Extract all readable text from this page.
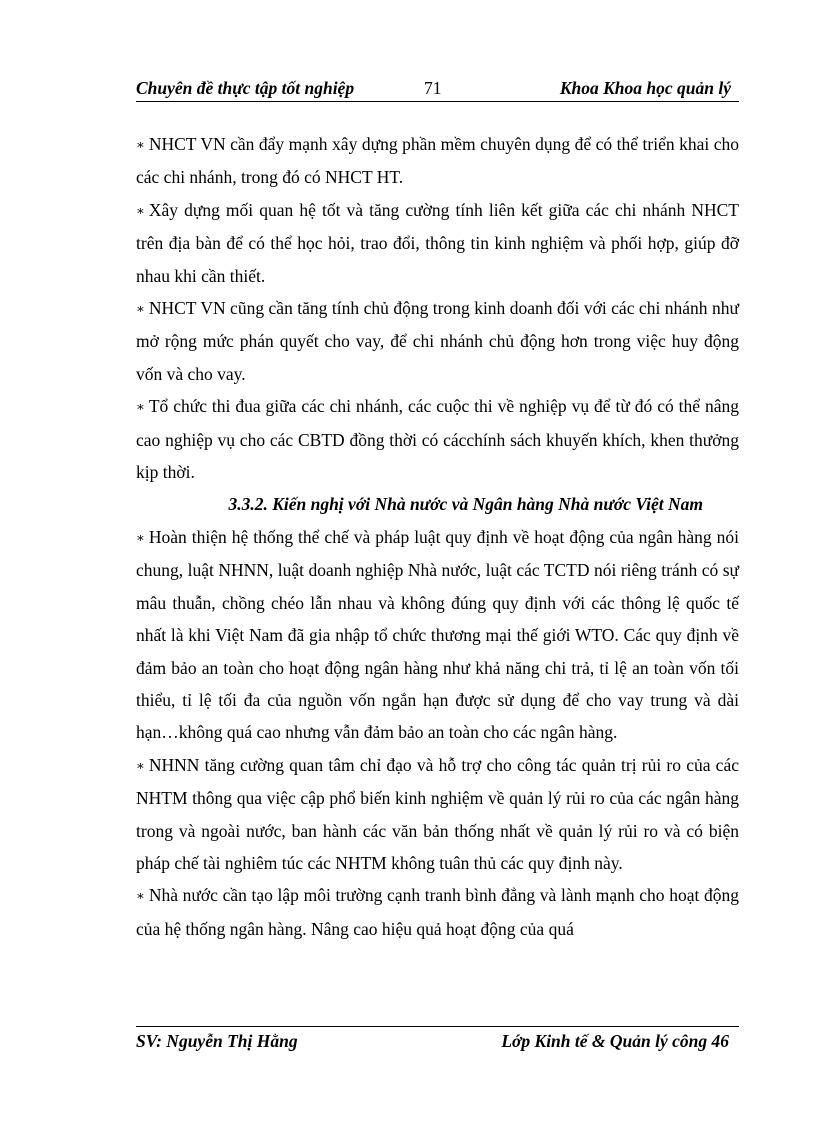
Chuyên đề thực tập tốt nghiệp	71	Khoa Khoa học quản lý

∗ NHCT VN cần đẩy mạnh xây dựng phần mềm chuyên dụng để có thể triển khai cho các chi nhánh, trong đó có NHCT HT.

∗ Xây dựng mối quan hệ tốt và tăng cường tính liên kết giữa các chi nhánh NHCT trên địa bàn để có thể học hỏi, trao đổi, thông tin kinh nghiệm và phối hợp, giúp đỡ nhau khi cần thiết.

∗ NHCT VN cũng cần tăng tính chủ động trong kinh doanh đối với các chi nhánh như mở rộng mức phán quyết cho vay, để chi nhánh chủ động hơn trong việc huy động vốn và cho vay.

∗ Tổ chức thi đua giữa các chi nhánh, các cuộc thi về nghiệp vụ để từ đó có thể nâng cao nghiệp vụ cho các CBTD đồng thời có cácchính sách khuyến khích, khen thưởng kịp thời.

3.3.2. Kiến nghị với Nhà nước và Ngân hàng Nhà nước Việt Nam

∗ Hoàn thiện hệ thống thể chế và pháp luật quy định về hoạt động của ngân hàng nói chung, luật NHNN, luật doanh nghiệp Nhà nước, luật các TCTD nói riêng tránh có sự mâu thuẫn, chồng chéo lẫn nhau và không đúng quy định với các thông lệ quốc tế nhất là khi Việt Nam đã gia nhập tổ chức thương mại thế giới WTO. Các quy định về đảm bảo an toàn cho hoạt động ngân hàng như khả năng chi trả, tỉ lệ an toàn vốn tối thiểu, tỉ lệ tối đa của nguồn vốn ngắn hạn được sử dụng để cho vay trung và dài hạn…không quá cao nhưng vẫn đảm bảo an toàn cho các ngân hàng.

∗ NHNN tăng cường quan tâm chỉ đạo và hỗ trợ cho công tác quản trị rủi ro của các NHTM thông qua việc cập phổ biến kinh nghiệm về quản lý rủi ro của các ngân hàng trong và ngoài nước, ban hành các văn bản thống nhất về quản lý rủi ro và có biện pháp chế tài nghiêm túc các NHTM không tuân thủ các quy định này.

∗ Nhà nước cần tạo lập môi trường cạnh tranh bình đẳng và lành mạnh cho hoạt động của hệ thống ngân hàng. Nâng cao hiệu quả hoạt động của quá

SV: Nguyễn Thị Hằng	Lớp Kinh tế & Quản lý công 46
